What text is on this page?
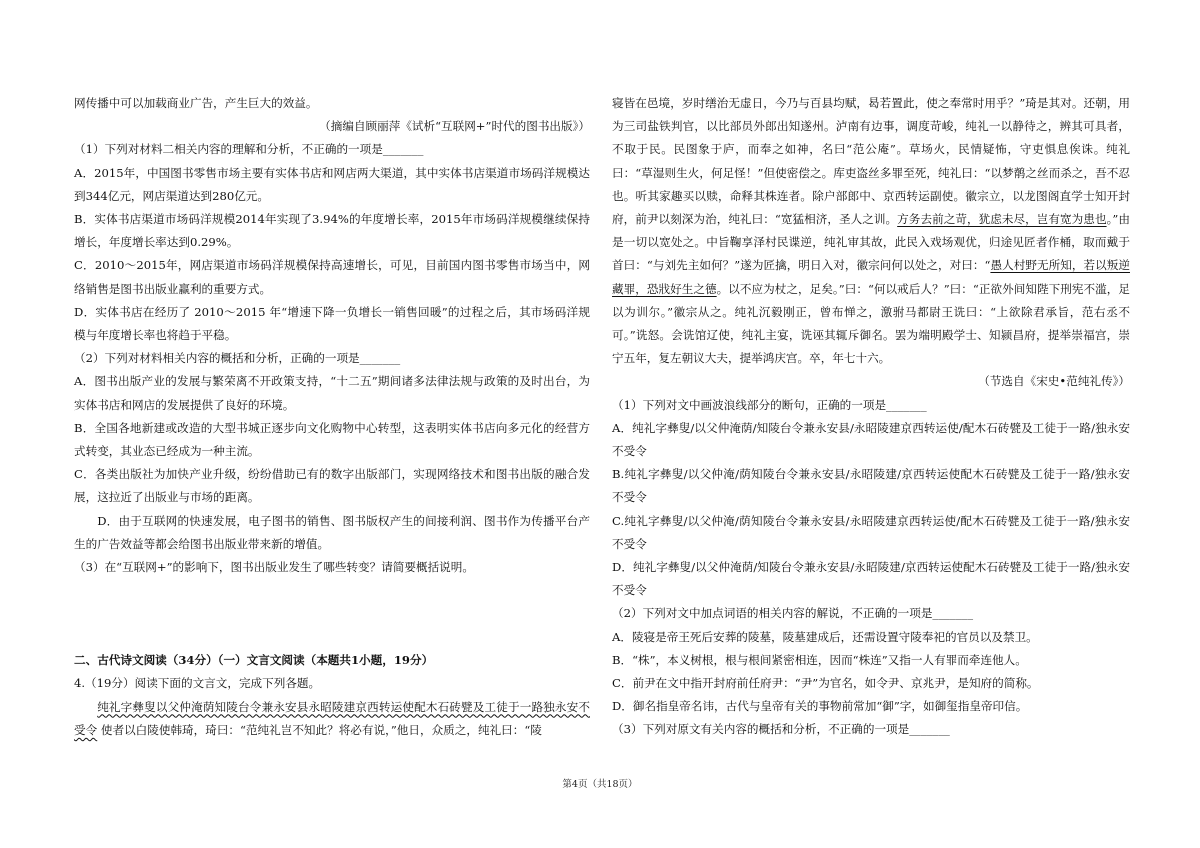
网传播中可以加载商业广告，产生巨大的效益。

（摘编自顾丽萍《试析“互联网+”时代的图书出版》）

（1）下列对材料二相关内容的理解和分析，不正确的一项是_______

A．2015年，中国图书零售市场主要有实体书店和网店两大渠道，其中实体书店渠道市场码洋规模达到344亿元，网店渠道达到280亿元。

B．实体书店渠道市场码洋规模2014年实现了3.94%的年度增长率，2015年市场码洋规模继续保持增长，年度增长率达到0.29%。

C．2010～2015年，网店渠道市场码洋规模保持高速增长，可见，目前国内图书零售市场当中，网络销售是图书出版业赢利的重要方式。

D．实体书店在经历了 2010～2015 年“增速下降一负增长一销售回暖”的过程之后，其市场码洋规模与年度增长率也将趋于平稳。

（2）下列对材料相关内容的概括和分析，正确的一项是_______

A．图书出版产业的发展与繁荣离不开政策支持，“十二五”期间诸多法律法规与政策的及时出台，为实体书店和网店的发展提供了良好的环境。

B．全国各地新建或改造的大型书城正逐步向文化购物中心转型，这表明实体书店向多元化的经营方式转变，其业态已经成为一种主流。

C．各类出版社为加快产业升级，纷纷借助已有的数字出版部门，实现网络技术和图书出版的融合发展，这拉近了出版业与市场的距离。

D．由于互联网的快速发展，电子图书的销售、图书版权产生的间接利润、图书作为传播平台产生的广告效益等都会给图书出版业带来新的增值。

（3）在“互联网+”的影响下，图书出版业发生了哪些转变？请简要概括说明。

二、古代诗文阅读（34分）（一）文言文阅读（本题共1小题，19分）

4.（19分）阅读下面的文言文，完成下列各题。

纯礼字彝叟以父仲淹荫知陵台令兼永安县永昭陵建京西转运使配木石砖甓及工徒于一路独永安不受令 使者以白陵使韩琦，琦曰：“范纯礼岂不知此？将必有说，”他日，众质之，纯礼曰：“陵

寝皆在邑境，岁时缮治无虚日，今乃与百县均赋，曷若置此，使之奉常时用乎？”琦是其对。还朝，用为三司盐铁判官，以比部员外郎出知遂州。泸南有边事，调度苛峻，纯礼一以静待之，辨其可具者，不取于民。民图象于庐，而奉之如神，名曰“范公庵”。草场火，民情疑怖，守吏惧息俟诛。纯礼曰：“草湿则生火，何足怪！”但使密偿之。库吏盗丝多罪至死，纯礼曰：“以梦鹡之丝而杀之，吾不忍也。听其家趣买以赎，命释其株连者。除户部郎中、京西转运副使。徽宗立，以龙图阁直学士知开封府，前尹以刻深为治，纯礼曰：“宽猛相济，圣人之训。方务去前之苛，犹虑未尽，岂有宽为患也。”由是一切以宽处之。中旨鞠享泽村民谍逆，纯礼审其故，此民入戏场观优，归途见匠者作桶，取而戴于首曰：“与刘先主如何？”遂为匠擒，明日入对，徽宗问何以处之，对曰：“愚人村野无所知，若以叛逆藏罪，恐戕好生之德。以不应为杖之，足矣。”曰：“何以戒后人？”曰：“正欲外间知陛下刑宪不滥，足以为训尔。”徽宗从之。纯礼沉毅刚正，曾布惮之，激驸马都尉王诜曰：“上欲除君承旨，范右丞不可。”诜怒。会诜馆辽使，纯礼主宴，诜诬其辄斥御名。罢为端明殿学士、知颍昌府，提举崇福宫，崇宁五年，复左朝议大夫，提举鸿庆宫。卒，年七十六。

（节选自《宋史•范纯礼传》）

（1）下列对文中画波浪线部分的断句，正确的一项是_______

A．纯礼字彝叟/以父仲淹荫/知陵台令兼永安县/永昭陵建京西转运使/配木石砖甓及工徒于一路/独永安不受令

B.纯礼字彝叟/以父仲淹/荫知陵台令兼永安县/永昭陵建/京西转运使配木石砖甓及工徒于一路/独永安不受令

C.纯礼字彝叟/以父仲淹/荫知陵台令兼永安县/永昭陵建京西转运使/配木石砖甓及工徒于一路/独永安不受令

D．纯礼字彝叟/以父仲淹荫/知陵台令兼永安县/永昭陵建/京西转运使配木石砖甓及工徒于一路/独永安不受令

（2）下列对文中加点词语的相关内容的解说，不正确的一项是_______

A．陵寝是帝王死后安葬的陵墓，陵墓建成后，还需设置守陵奉祀的官员以及禁卫。

B．“株”，本义树根，根与根间紧密相连，因而“株连”又指一人有罪而牵连他人。

C．前尹在文中指开封府前任府尹：“尹”为官名，如令尹、京兆尹，是知府的简称。

D．御名指皇帝名讳，古代与皇帝有关的事物前常加“御”字，如御玺指皇帝印信。

（3）下列对原文有关内容的概括和分析，不正确的一项是_______

第4页（共18页）
